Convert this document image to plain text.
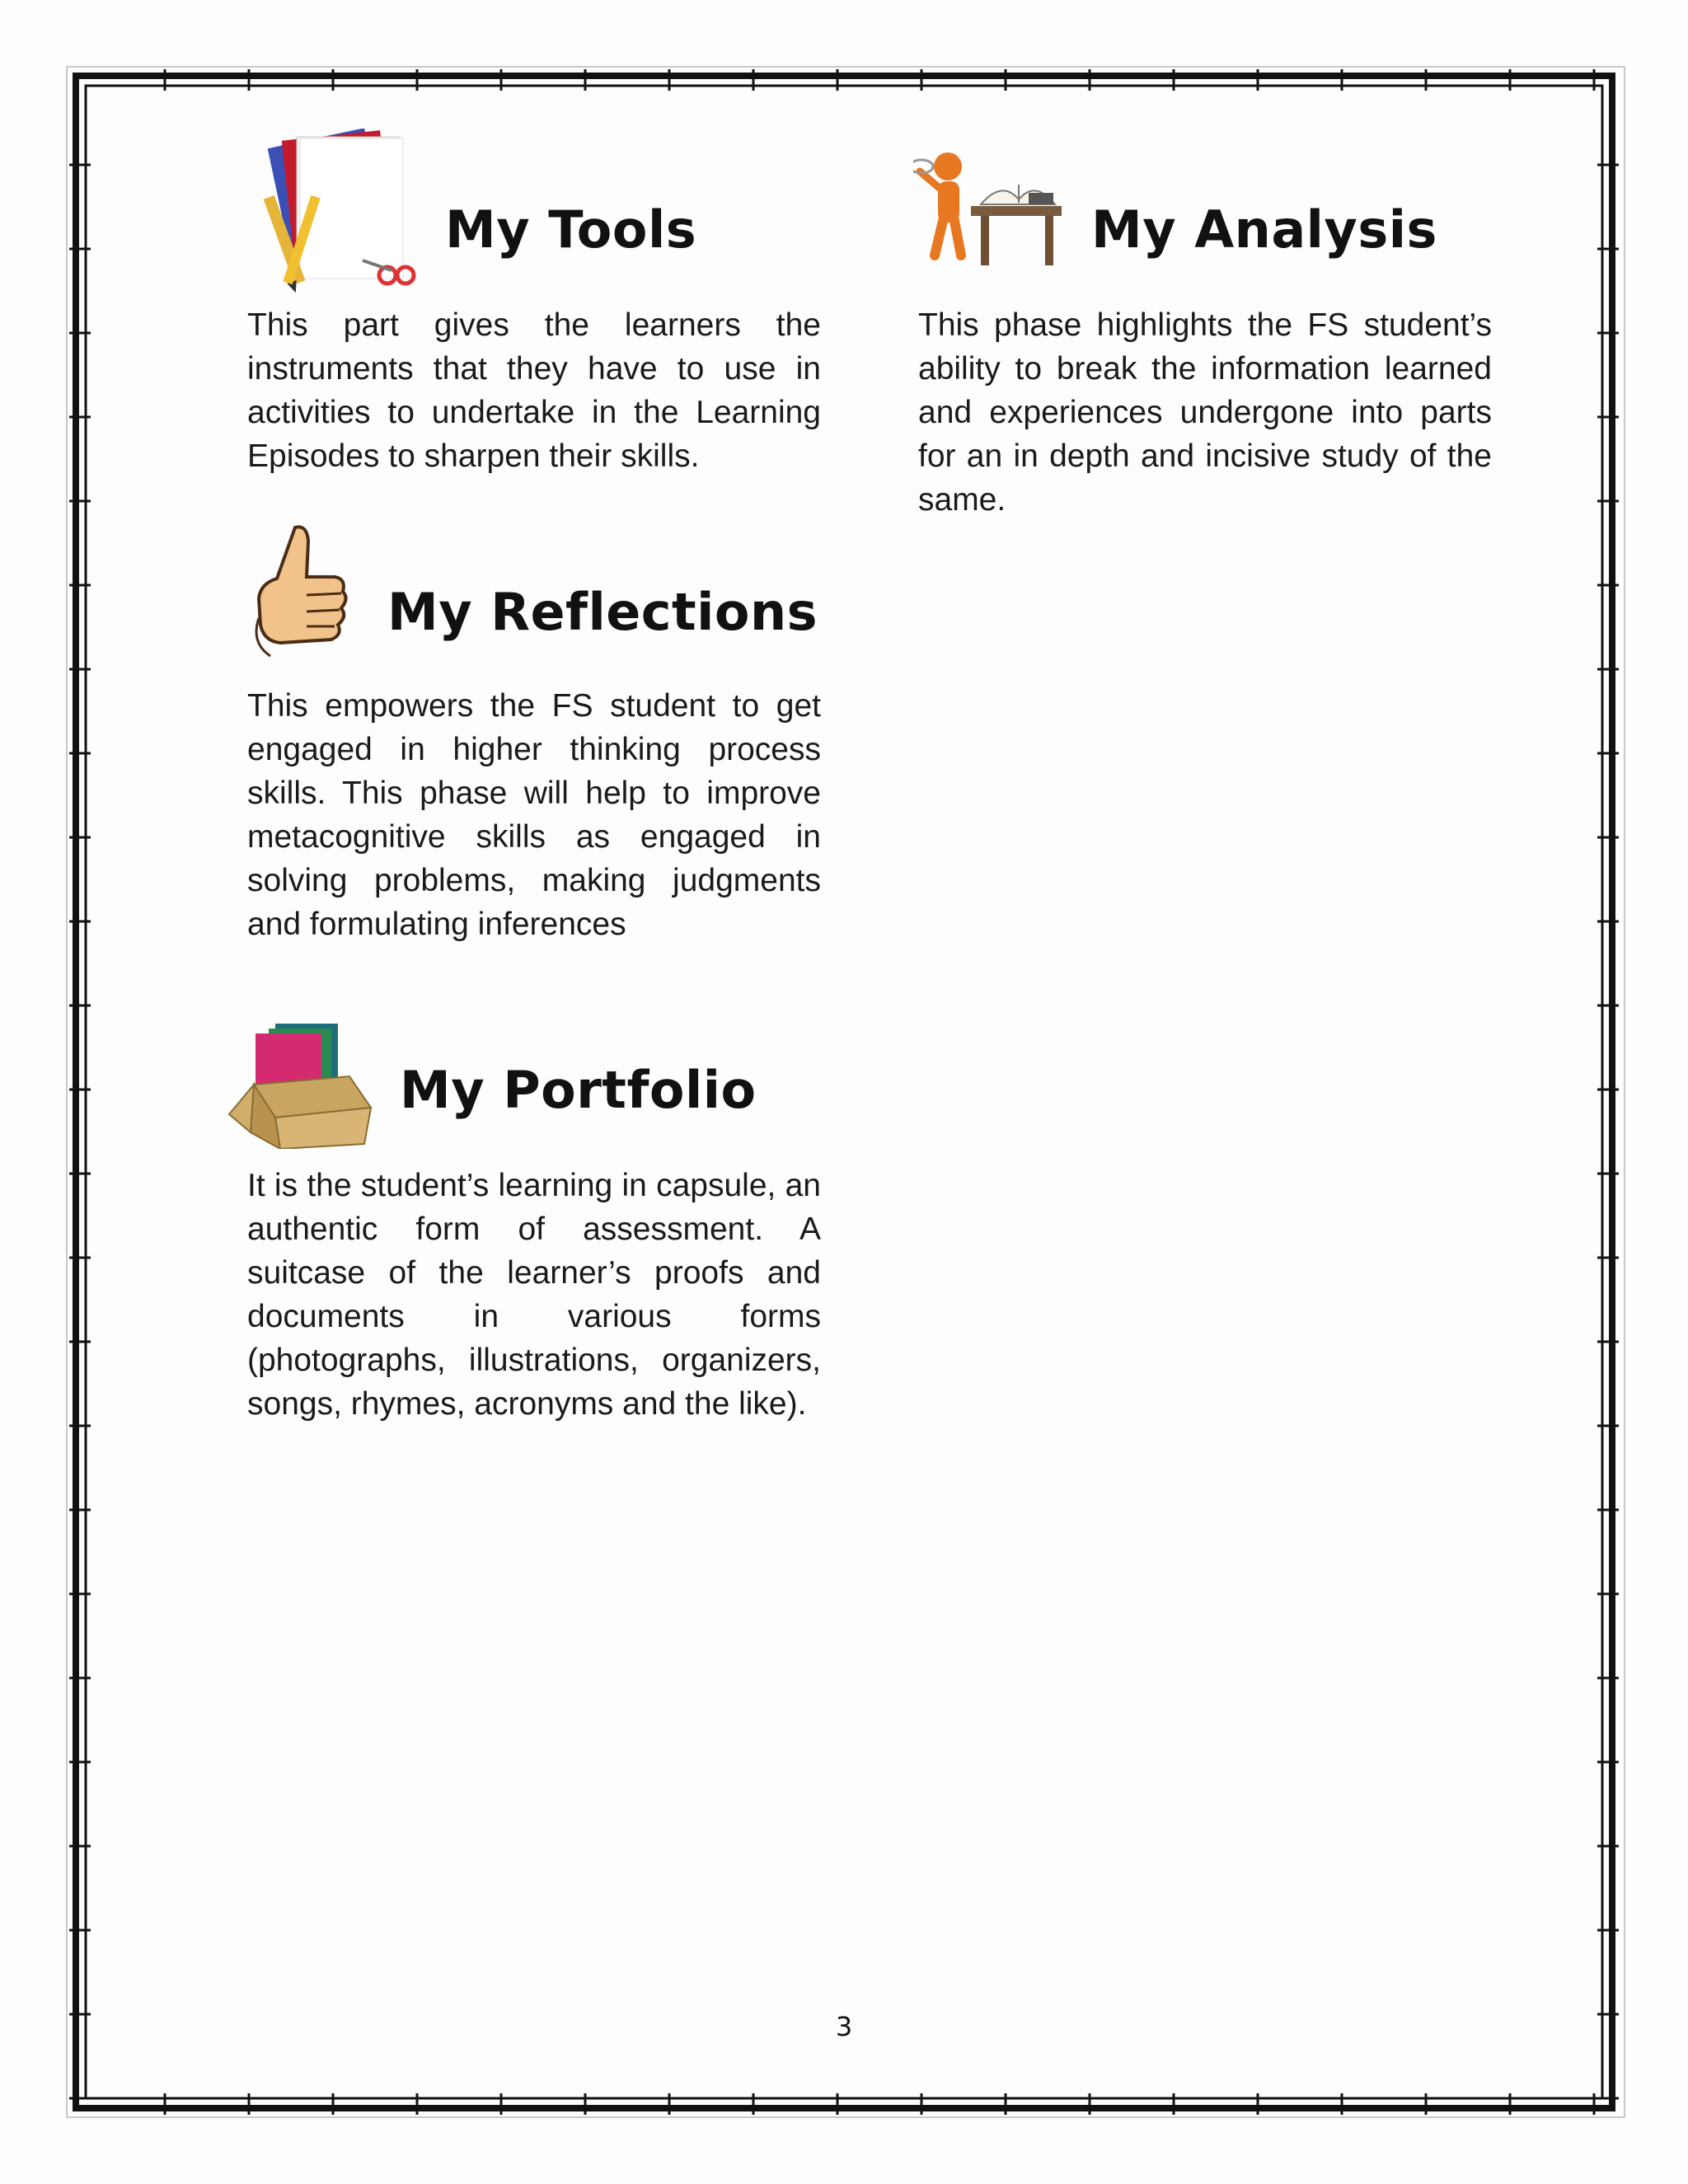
My Tools
This part gives the learners the instruments that they have to use in activities to undertake in the Learning Episodes to sharpen their skills.
My Analysis
This phase highlights the FS student’s ability to break the information learned and experiences undergone into parts for an in depth and incisive study of the same.
My Reflections
This empowers the FS student to get engaged in higher thinking process skills. This phase will help to improve metacognitive skills as engaged in solving problems, making judgments and formulating inferences
My Portfolio
It is the student’s learning in capsule, an authentic form of assessment. A suitcase of the learner’s proofs and documents in various forms (photographs, illustrations, organizers, songs, rhymes, acronyms and the like).
3
